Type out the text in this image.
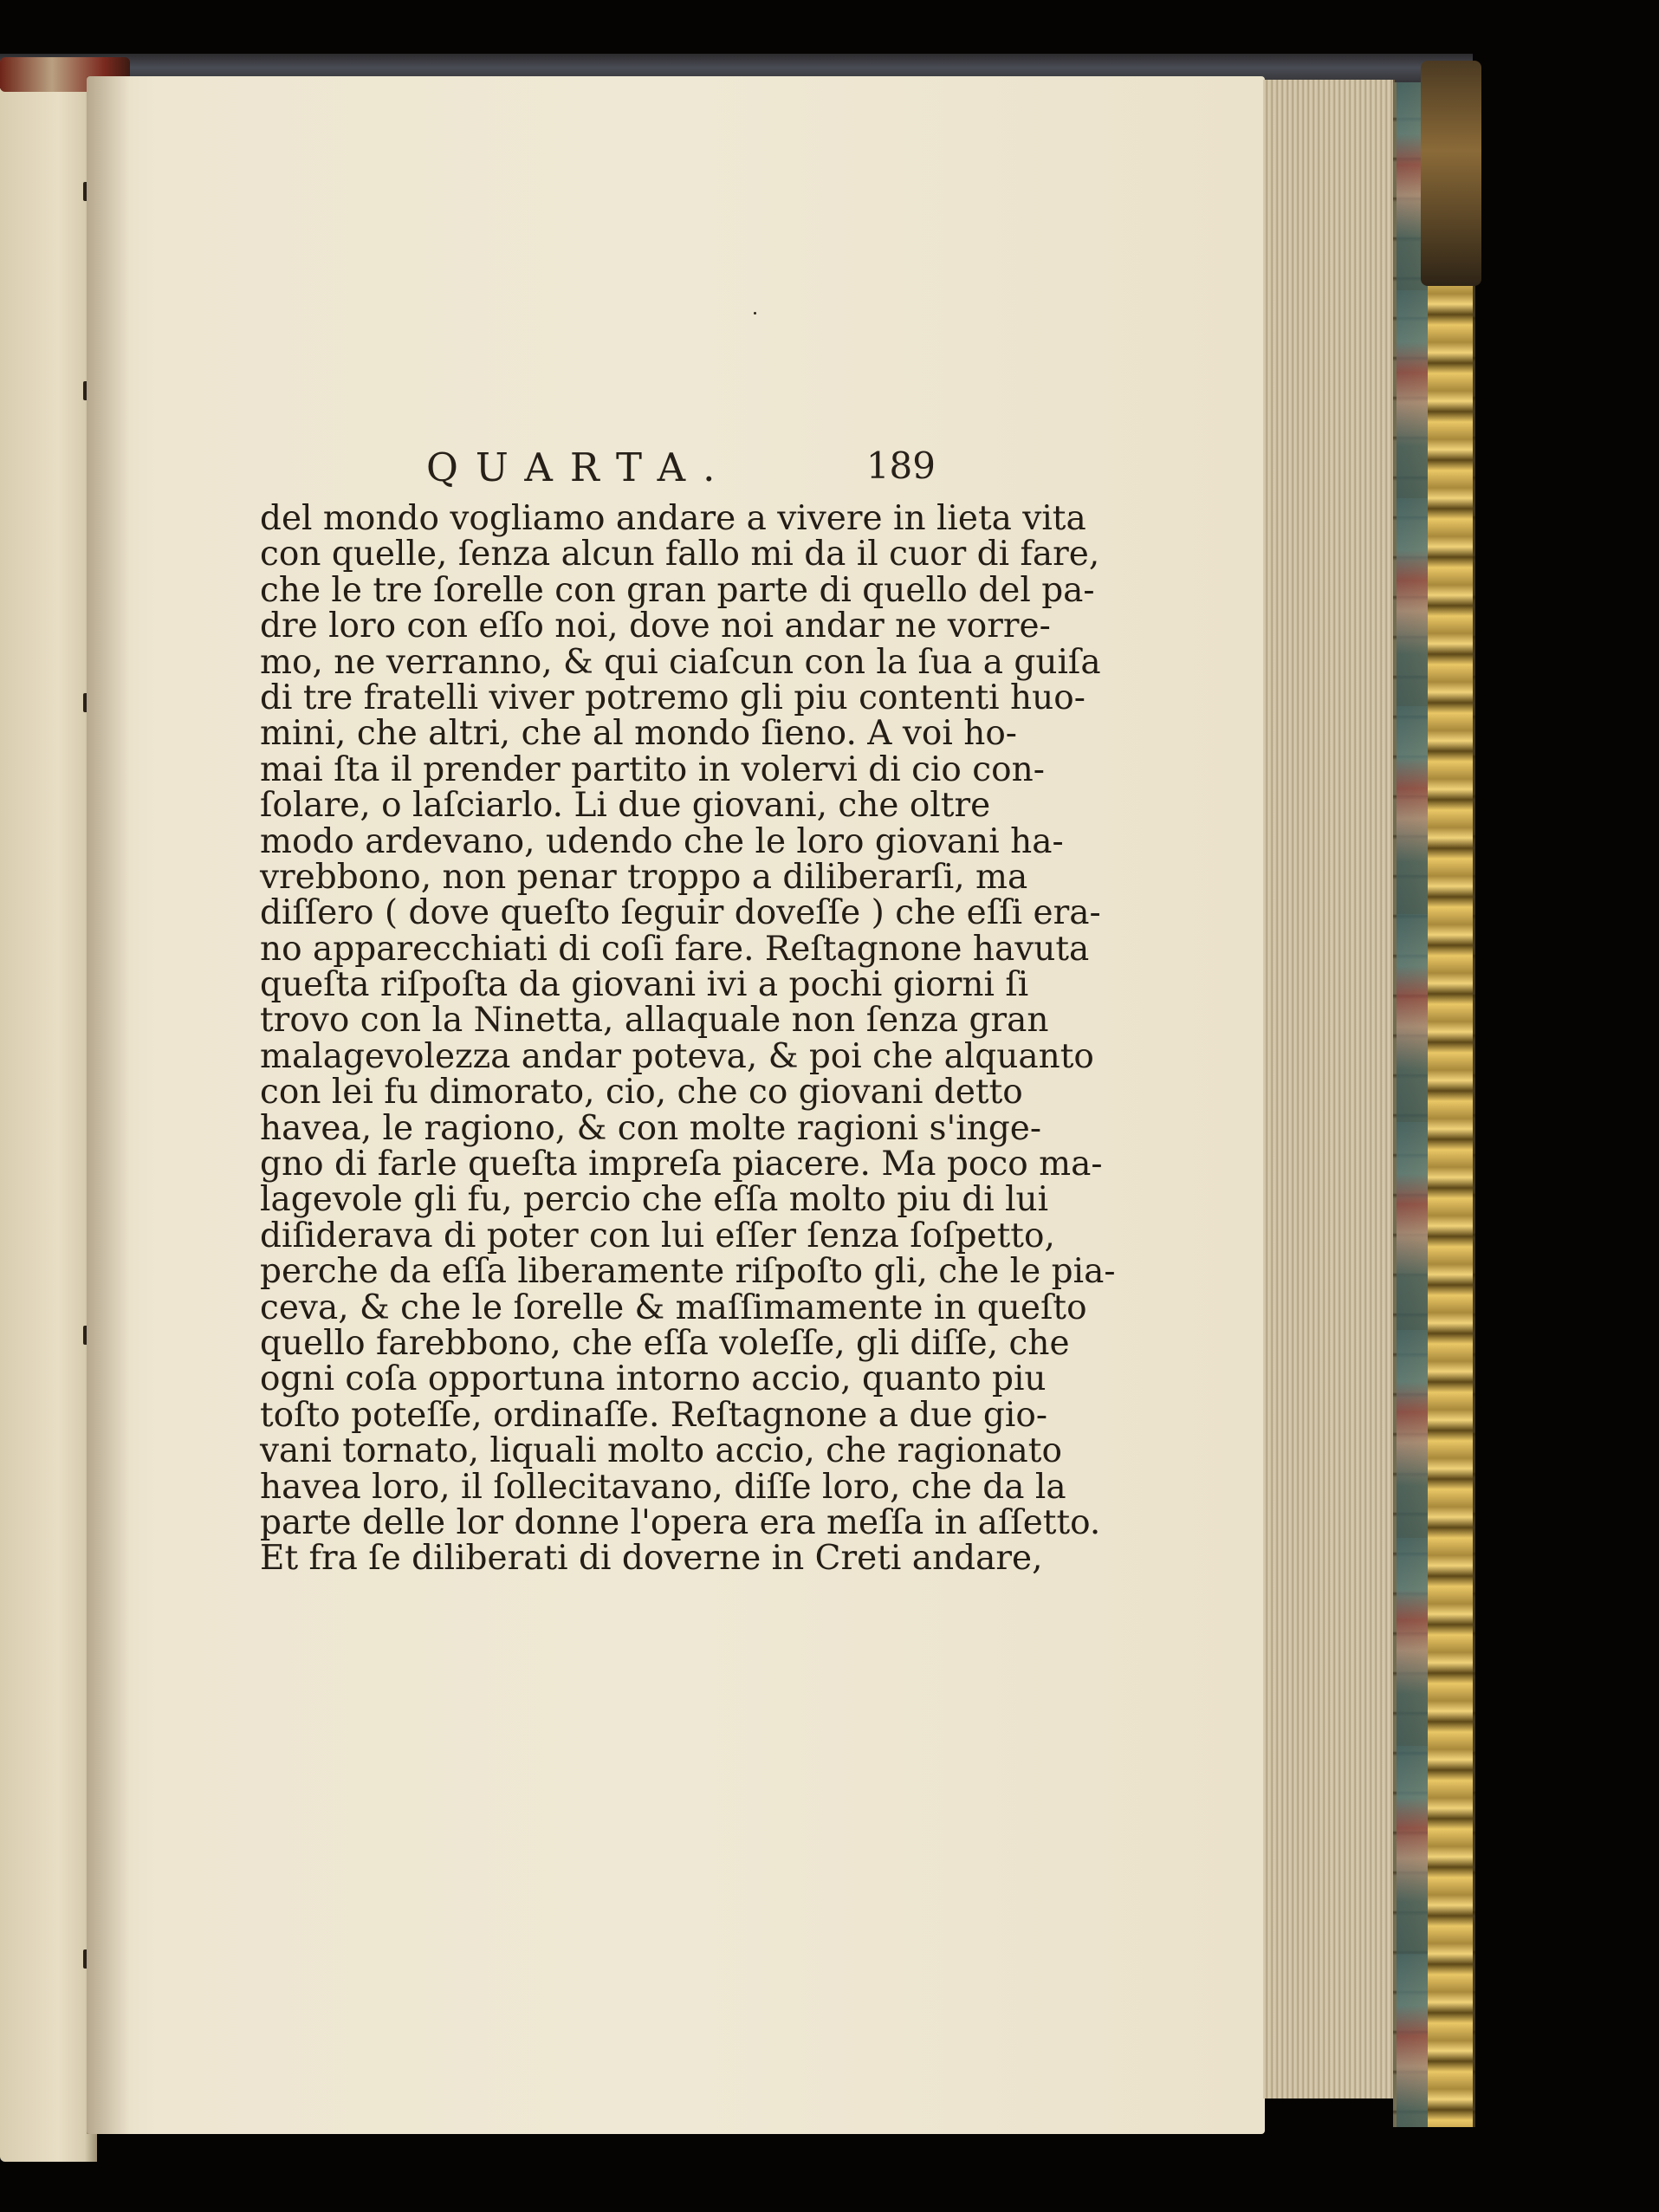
QUARTA.	189
del mondo vogliamo andare a vivere in lieta vita
con quelle, ſenza alcun fallo mi da il cuor di fare,
che le tre ſorelle con gran parte di quello del pa-
dre loro con eſſo noi, dove noi andar ne vorre-
mo, ne verranno, & qui ciaſcun con la ſua a guiſa
di tre fratelli viver potremo gli piu contenti huo-
mini, che altri, che al mondo ſieno. A voi ho-
mai ſta il prender partito in volervi di cio con-
ſolare, o laſciarlo. Li due giovani, che oltre
modo ardevano, udendo che le loro giovani ha-
vrebbono, non penar troppo a diliberarſi, ma
diſſero ( dove queſto ſeguir doveſſe ) che eſſi era-
no apparecchiati di coſi fare. Reſtagnone havuta
queſta riſpoſta da giovani ivi a pochi giorni ſi
trovo con la Ninetta, allaquale non ſenza gran
malagevolezza andar poteva, & poi che alquanto
con lei fu dimorato, cio, che co giovani detto
havea, le ragiono, & con molte ragioni s'inge-
gno di farle queſta impreſa piacere. Ma poco ma-
lagevole gli fu, percio che eſſa molto piu di lui
diſiderava di poter con lui eſſer ſenza ſoſpetto,
perche da eſſa liberamente riſpoſto gli, che le pia-
ceva, & che le ſorelle & maſſimamente in queſto
quello farebbono, che eſſa voleſſe, gli diſſe, che
ogni coſa opportuna intorno accio, quanto piu
toſto poteſſe, ordinaſſe. Reſtagnone a due gio-
vani tornato, liquali molto accio, che ragionato
havea loro, il ſollecitavano, diſſe loro, che da la
parte delle lor donne l'opera era meſſa in aſſetto.
Et fra ſe diliberati di doverne in Creti andare,
